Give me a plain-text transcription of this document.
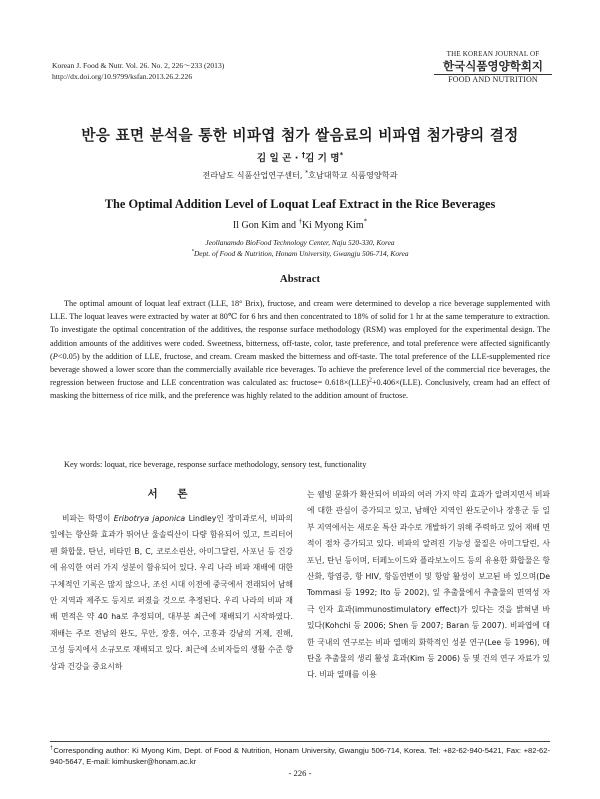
Korean J. Food & Nutr. Vol. 26. No. 2, 226～233 (2013)
http://dx.doi.org/10.9799/ksfan.2013.26.2.226
THE KOREAN JOURNAL OF
한국식품영양학회지
FOOD AND NUTRITION
반응 표면 분석을 통한 비파엽 첨가 쌀음료의 비파엽 첨가량의 결정
김 일 곤 · †김 기 명*
전라남도 식품산업연구센터, *호남대학교 식품영양학과
The Optimal Addition Level of Loquat Leaf Extract in the Rice Beverages
Il Gon Kim and †Ki Myong Kim*
Jeollanamdo BioFood Technology Center, Naju 520-330, Korea
*Dept. of Food & Nutrition, Honam University, Gwangju 506-714, Korea
Abstract

The optimal amount of loquat leaf extract (LLE, 18° Brix), fructose, and cream were determined to develop a rice beverage supplemented with LLE. The loquat leaves were extracted by water at 80℃ for 6 hrs and then concentrated to 18% of solid for 1 hr at the same temperature to extraction. To investigate the optimal concentration of the additives, the response surface methodology (RSM) was employed for the experimental design. The addition amounts of the additives were coded. Sweetness, bitterness, off-taste, color, taste preference, and total preference were affected significantly (P<0.05) by the addition of LLE, fructose, and cream. Cream masked the bitterness and off-taste. The total preference of the LLE-supplemented rice beverage showed a lower score than the commercially available rice beverages. To achieve the preference level of the commercial rice beverages, the regression between fructose and LLE concentration was calculated as: fructose= 0.618×(LLE)$^2$+0.406×(LLE). Conclusively, cream had an effect of masking the bitterness of rice milk, and the preference was highly related to the addition amount of fructose.

Key words: loquat, rice beverage, response surface methodology, sensory test, functionality
서 론

비파는 학명이 Eribotrya japonica Lindley인 장미과로서, 비파의 잎에는 향산화 효과가 뛰어난 울솔릭산이 다량 함유되어 있고, 트리터어펜 화합물, 탄닌, 비타민 B, C, 코로소린산, 아미그달린, 사포닌 등 건강에 유익한 여러 가지 성분이 함유되어 있다. 우리 나라 비파 재배에 대한 구체적인 기록은 많지 않으나, 조선 시대 이전에 중국에서 전래되어 남해안 지역과 제주도 등지로 퍼졌을 것으로 추정된다. 우리 나라의 비파 재배 면적은 약 40 ha로 추정되며, 대부분 최근에 재배되기 시작하였다. 재배는 주로 전남의 완도, 무안, 장흥, 여수, 고흥과 강남의 거제, 진해, 고성 등지에서 소규모로 재배되고 있다. 최근에 소비자들의 생활 수준 향상과 건강을 중요시하

는 웰빙 문화가 확산되어 비파의 여러 가지 약리 효과가 알려지면서 비파에 대한 관심이 증가되고 있고, 남해안 지역인 완도군이나 장흥군 등 일부 지역에서는 새로운 특산 과수로 개발하기 위해 주력하고 있어 재배 면적이 점차 증가되고 있다. 비파의 알려진 기능성 물질은 아미그달린, 사포닌, 탄닌 등이며, 터페노이드와 플라보노이드 등의 유용한 화합물은 항산화, 항염증, 항 HIV, 항돌연변이 및 항암 활성이 보고된 바 있으며(De Tommasi 등 1992; Ito 등 2002), 잎 추출물에서 추출물의 면역성 자극 인자 효과(immunostimulatory effect)가 있다는 것을 밝혀낸 바 있다(Kohchi 등 2006; Shen 등 2007; Baran 등 2007). 비파엽에 대한 국내의 연구로는 비파 열매의 화학적인 성분 연구(Lee 등 1996), 메탄올 추출물의 생리 활성 효과(Kim 등 2006) 등 몇 건의 연구 자료가 있다. 비파 열매를 이용

†Corresponding author: Ki Myong Kim, Dept. of Food & Nutrition, Honam University, Gwangju 506-714, Korea. Tel: +82-62-940-5421, Fax: +82-62-940-5647, E-mail: kimhusker@honam.ac.kr
- 226 -
